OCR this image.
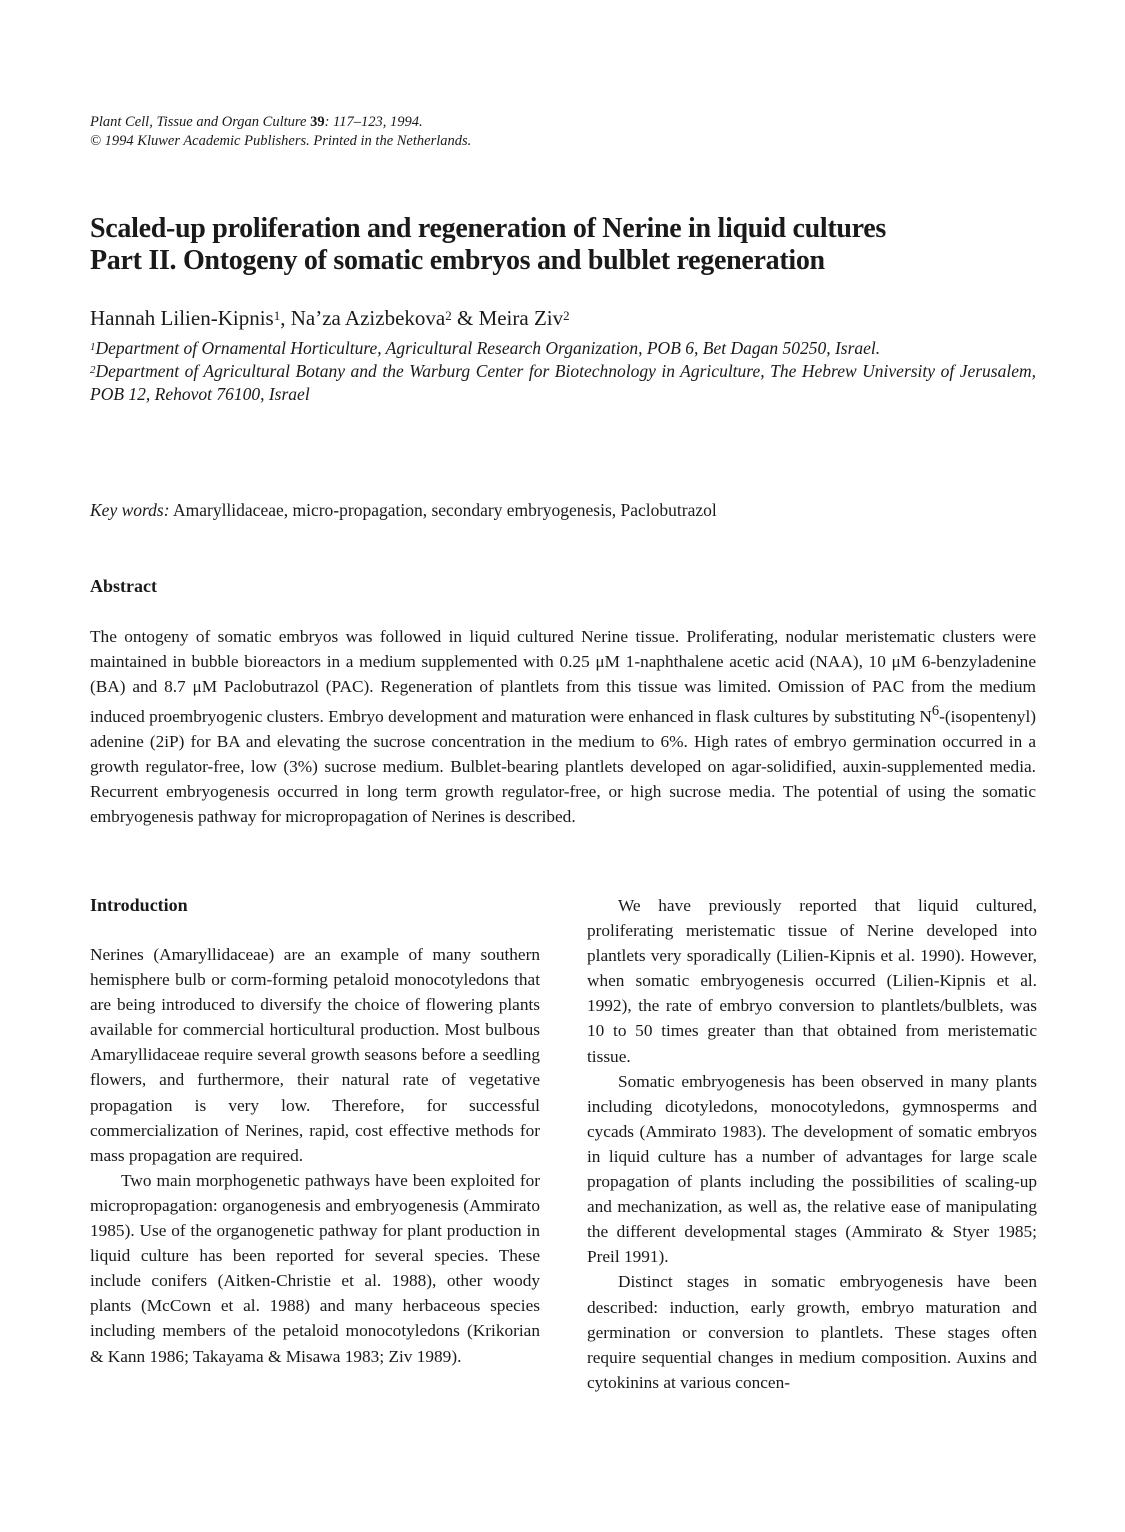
Plant Cell, Tissue and Organ Culture 39: 117–123, 1994.
© 1994 Kluwer Academic Publishers. Printed in the Netherlands.
Scaled-up proliferation and regeneration of Nerine in liquid cultures
Part II. Ontogeny of somatic embryos and bulblet regeneration
Hannah Lilien-Kipnis$^1$, Na’za Azizbekova$^2$ & Meira Ziv$^2$
$^1$Department of Ornamental Horticulture, Agricultural Research Organization, POB 6, Bet Dagan 50250, Israel.
$^2$Department of Agricultural Botany and the Warburg Center for Biotechnology in Agriculture, The Hebrew University of Jerusalem, POB 12, Rehovot 76100, Israel
Key words: Amaryllidaceae, micro-propagation, secondary embryogenesis, Paclobutrazol
Abstract

The ontogeny of somatic embryos was followed in liquid cultured Nerine tissue. Proliferating, nodular meristematic clusters were maintained in bubble bioreactors in a medium supplemented with 0.25 μM 1-naphthalene acetic acid (NAA), 10 μM 6-benzyladenine (BA) and 8.7 μM Paclobutrazol (PAC). Regeneration of plantlets from this tissue was limited. Omission of PAC from the medium induced proembryogenic clusters. Embryo development and maturation were enhanced in flask cultures by substituting $N^6-(isopentenyl)$ adenine (2iP) for BA and elevating the sucrose concentration in the medium to 6%. High rates of embryo germination occurred in a growth regulator-free, low (3%) sucrose medium. Bulblet-bearing plantlets developed on agar-solidified, auxin-supplemented media. Recurrent embryogenesis occurred in long term growth regulator-free, or high sucrose media. The potential of using the somatic embryogenesis pathway for micropropagation of Nerines is described.

Introduction

Nerines (Amaryllidaceae) are an example of many southern hemisphere bulb or corm-forming petaloid monocotyledons that are being introduced to diversify the choice of flowering plants available for commercial horticultural production. Most bulbous Amaryllidaceae require several growth seasons before a seedling flowers, and furthermore, their natural rate of vegetative propagation is very low. Therefore, for successful commercialization of Nerines, rapid, cost effective methods for mass propagation are required.

Two main morphogenetic pathways have been exploited for micropropagation: organogenesis and embryogenesis (Ammirato 1985). Use of the organogenetic pathway for plant production in liquid culture has been reported for several species. These include conifers (Aitken-Christie et al. 1988), other woody plants (McCown et al. 1988) and many herbaceous species including members of the petaloid monocotyledons (Krikorian & Kann 1986; Takayama & Misawa 1983; Ziv 1989).

We have previously reported that liquid cultured, proliferating meristematic tissue of Nerine developed into plantlets very sporadically (Lilien-Kipnis et al. 1990). However, when somatic embryogenesis occurred (Lilien-Kipnis et al. 1992), the rate of embryo conversion to plantlets/bulblets, was 10 to 50 times greater than that obtained from meristematic tissue.

Somatic embryogenesis has been observed in many plants including dicotyledons, monocotyledons, gymnosperms and cycads (Ammirato 1983). The development of somatic embryos in liquid culture has a number of advantages for large scale propagation of plants including the possibilities of scaling-up and mechanization, as well as, the relative ease of manipulating the different developmental stages (Ammirato & Styer 1985; Preil 1991).

Distinct stages in somatic embryogenesis have been described: induction, early growth, embryo maturation and germination or conversion to plantlets. These stages often require sequential changes in medium composition. Auxins and cytokinins at various concen-
